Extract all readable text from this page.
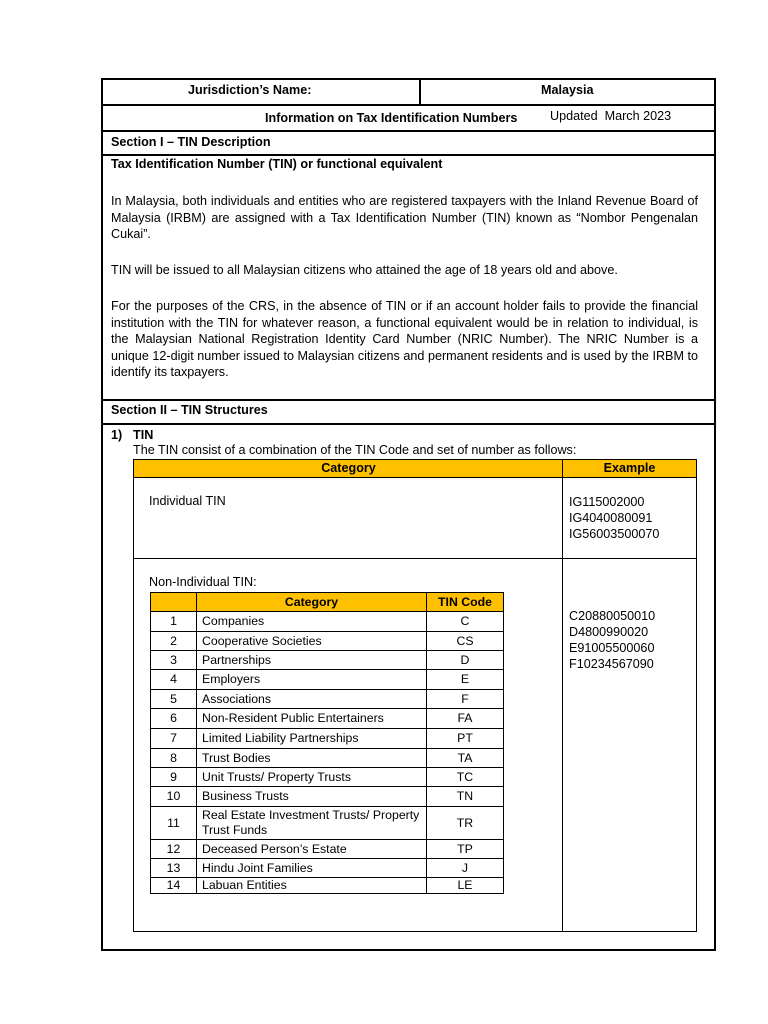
Jurisdiction’s Name:	Malaysia
Information on Tax Identification Numbers	Updated  March 2023
Section I – TIN Description
Tax Identification Number (TIN) or functional equivalent
In Malaysia, both individuals and entities who are registered taxpayers with the Inland Revenue Board of Malaysia (IRBM) are assigned with a Tax Identification Number (TIN) known as “Nombor Pengenalan Cukai”.
TIN will be issued to all Malaysian citizens who attained the age of 18 years old and above.
For the purposes of the CRS, in the absence of TIN or if an account holder fails to provide the financial institution with the TIN for whatever reason, a functional equivalent would be in relation to individual, is the Malaysian National Registration Identity Card Number (NRIC Number). The NRIC Number is a unique 12-digit number issued to Malaysian citizens and permanent residents and is used by the IRBM to identify its taxpayers.
Section II – TIN Structures
1) TIN
The TIN consist of a combination of the TIN Code and set of number as follows:
Category	Example
Individual TIN	IG115002000
IG4040080091
IG56003500070
Non-Individual TIN:
C20880050010
D4800990020
E91005500060
F10234567090
	Category	TIN Code
1	Companies	C
2	Cooperative Societies	CS
3	Partnerships	D
4	Employers	E
5	Associations	F
6	Non-Resident Public Entertainers	FA
7	Limited Liability Partnerships	PT
8	Trust Bodies	TA
9	Unit Trusts/ Property Trusts	TC
10	Business Trusts	TN
11	Real Estate Investment Trusts/ Property Trust Funds	TR
12	Deceased Person’s Estate	TP
13	Hindu Joint Families	J
14	Labuan Entities	LE
